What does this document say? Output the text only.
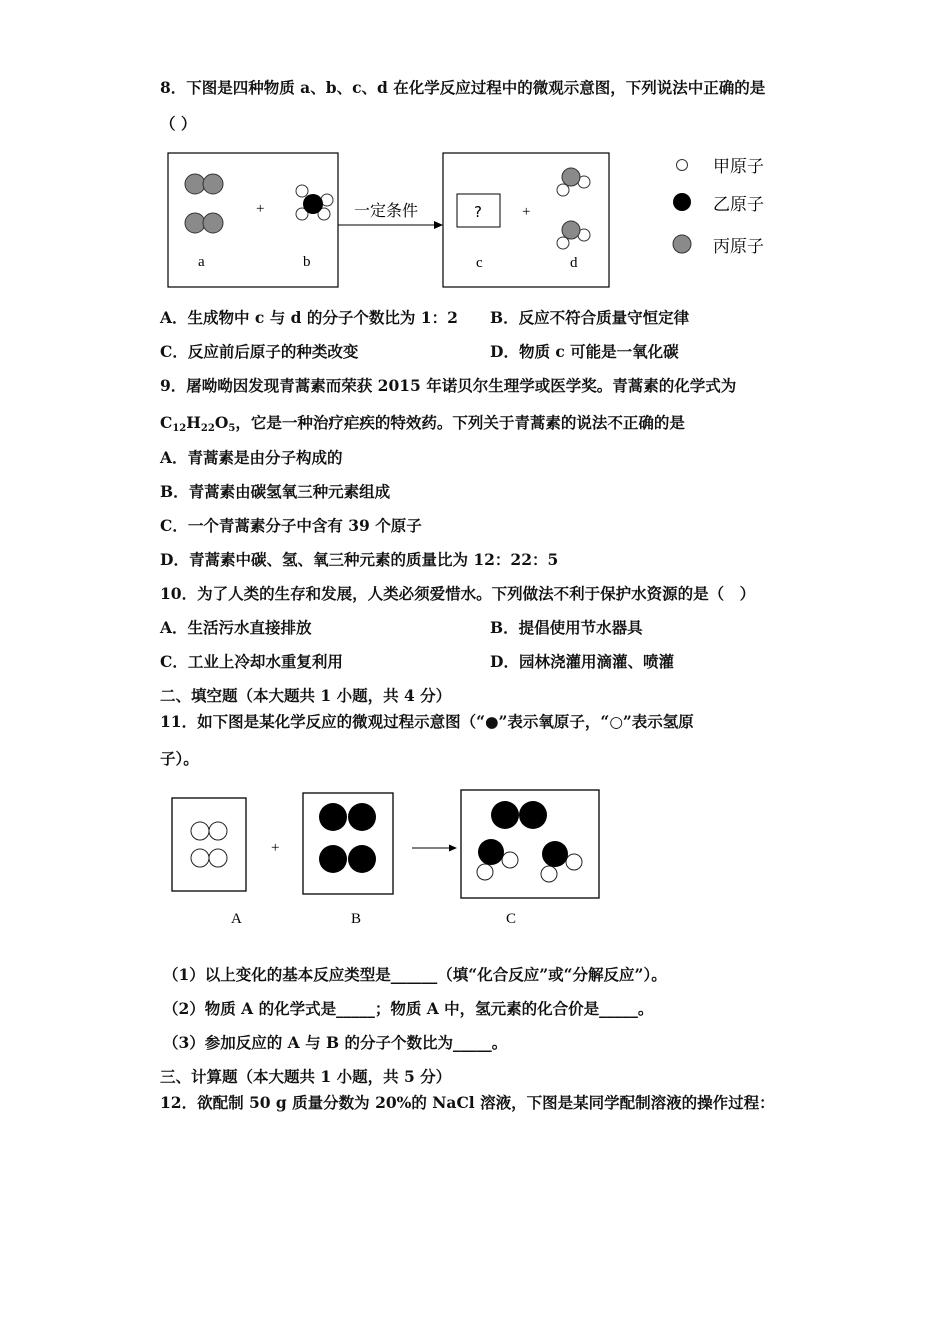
8．下图是四种物质 a、b、c、d 在化学反应过程中的微观示意图，下列说法中正确的是
（ ）
+
a	b
一定条件	?	+
c	d
甲原子
乙原子
丙原子
A．生成物中 c 与 d 的分子个数比为 1：2 B．反应不符合质量守恒定律
C．反应前后原子的种类改变	D．物质 c 可能是一氧化碳
9．屠呦呦因发现青蒿素而荣获 2015 年诺贝尔生理学或医学奖。青蒿素的化学式为
$C_{12}H_{22}O_5$，它是一种治疗疟疾的特效药。下列关于青蒿素的说法不正确的是
A．青蒿素是由分子构成的
B．青蒿素由碳氢氧三种元素组成
C．一个青蒿素分子中含有 39 个原子
D．青蒿素中碳、氢、氧三种元素的质量比为 12：22：5
10．为了人类的生存和发展，人类必须爱惜水。下列做法不利于保护水资源的是（　）
A．生活污水直接排放	B．提倡使用节水器具
C．工业上冷却水重复利用	D．园林浇灌用滴灌、喷灌
二、填空题（本大题共 1 小题，共 4 分）
11．如下图是某化学反应的微观过程示意图（“●”表示氧原子，“○”表示氢原
子）。
+
A	B	C
（1）以上变化的基本反应类型是______（填“化合反应”或“分解反应”）。
（2）物质 A 的化学式是_____；物质 A 中，氢元素的化合价是_____。
（3）参加反应的 A 与 B 的分子个数比为_____。
三、计算题（本大题共 1 小题，共 5 分）
12．欲配制 50 g 质量分数为 20%的 NaCl 溶液，下图是某同学配制溶液的操作过程：
